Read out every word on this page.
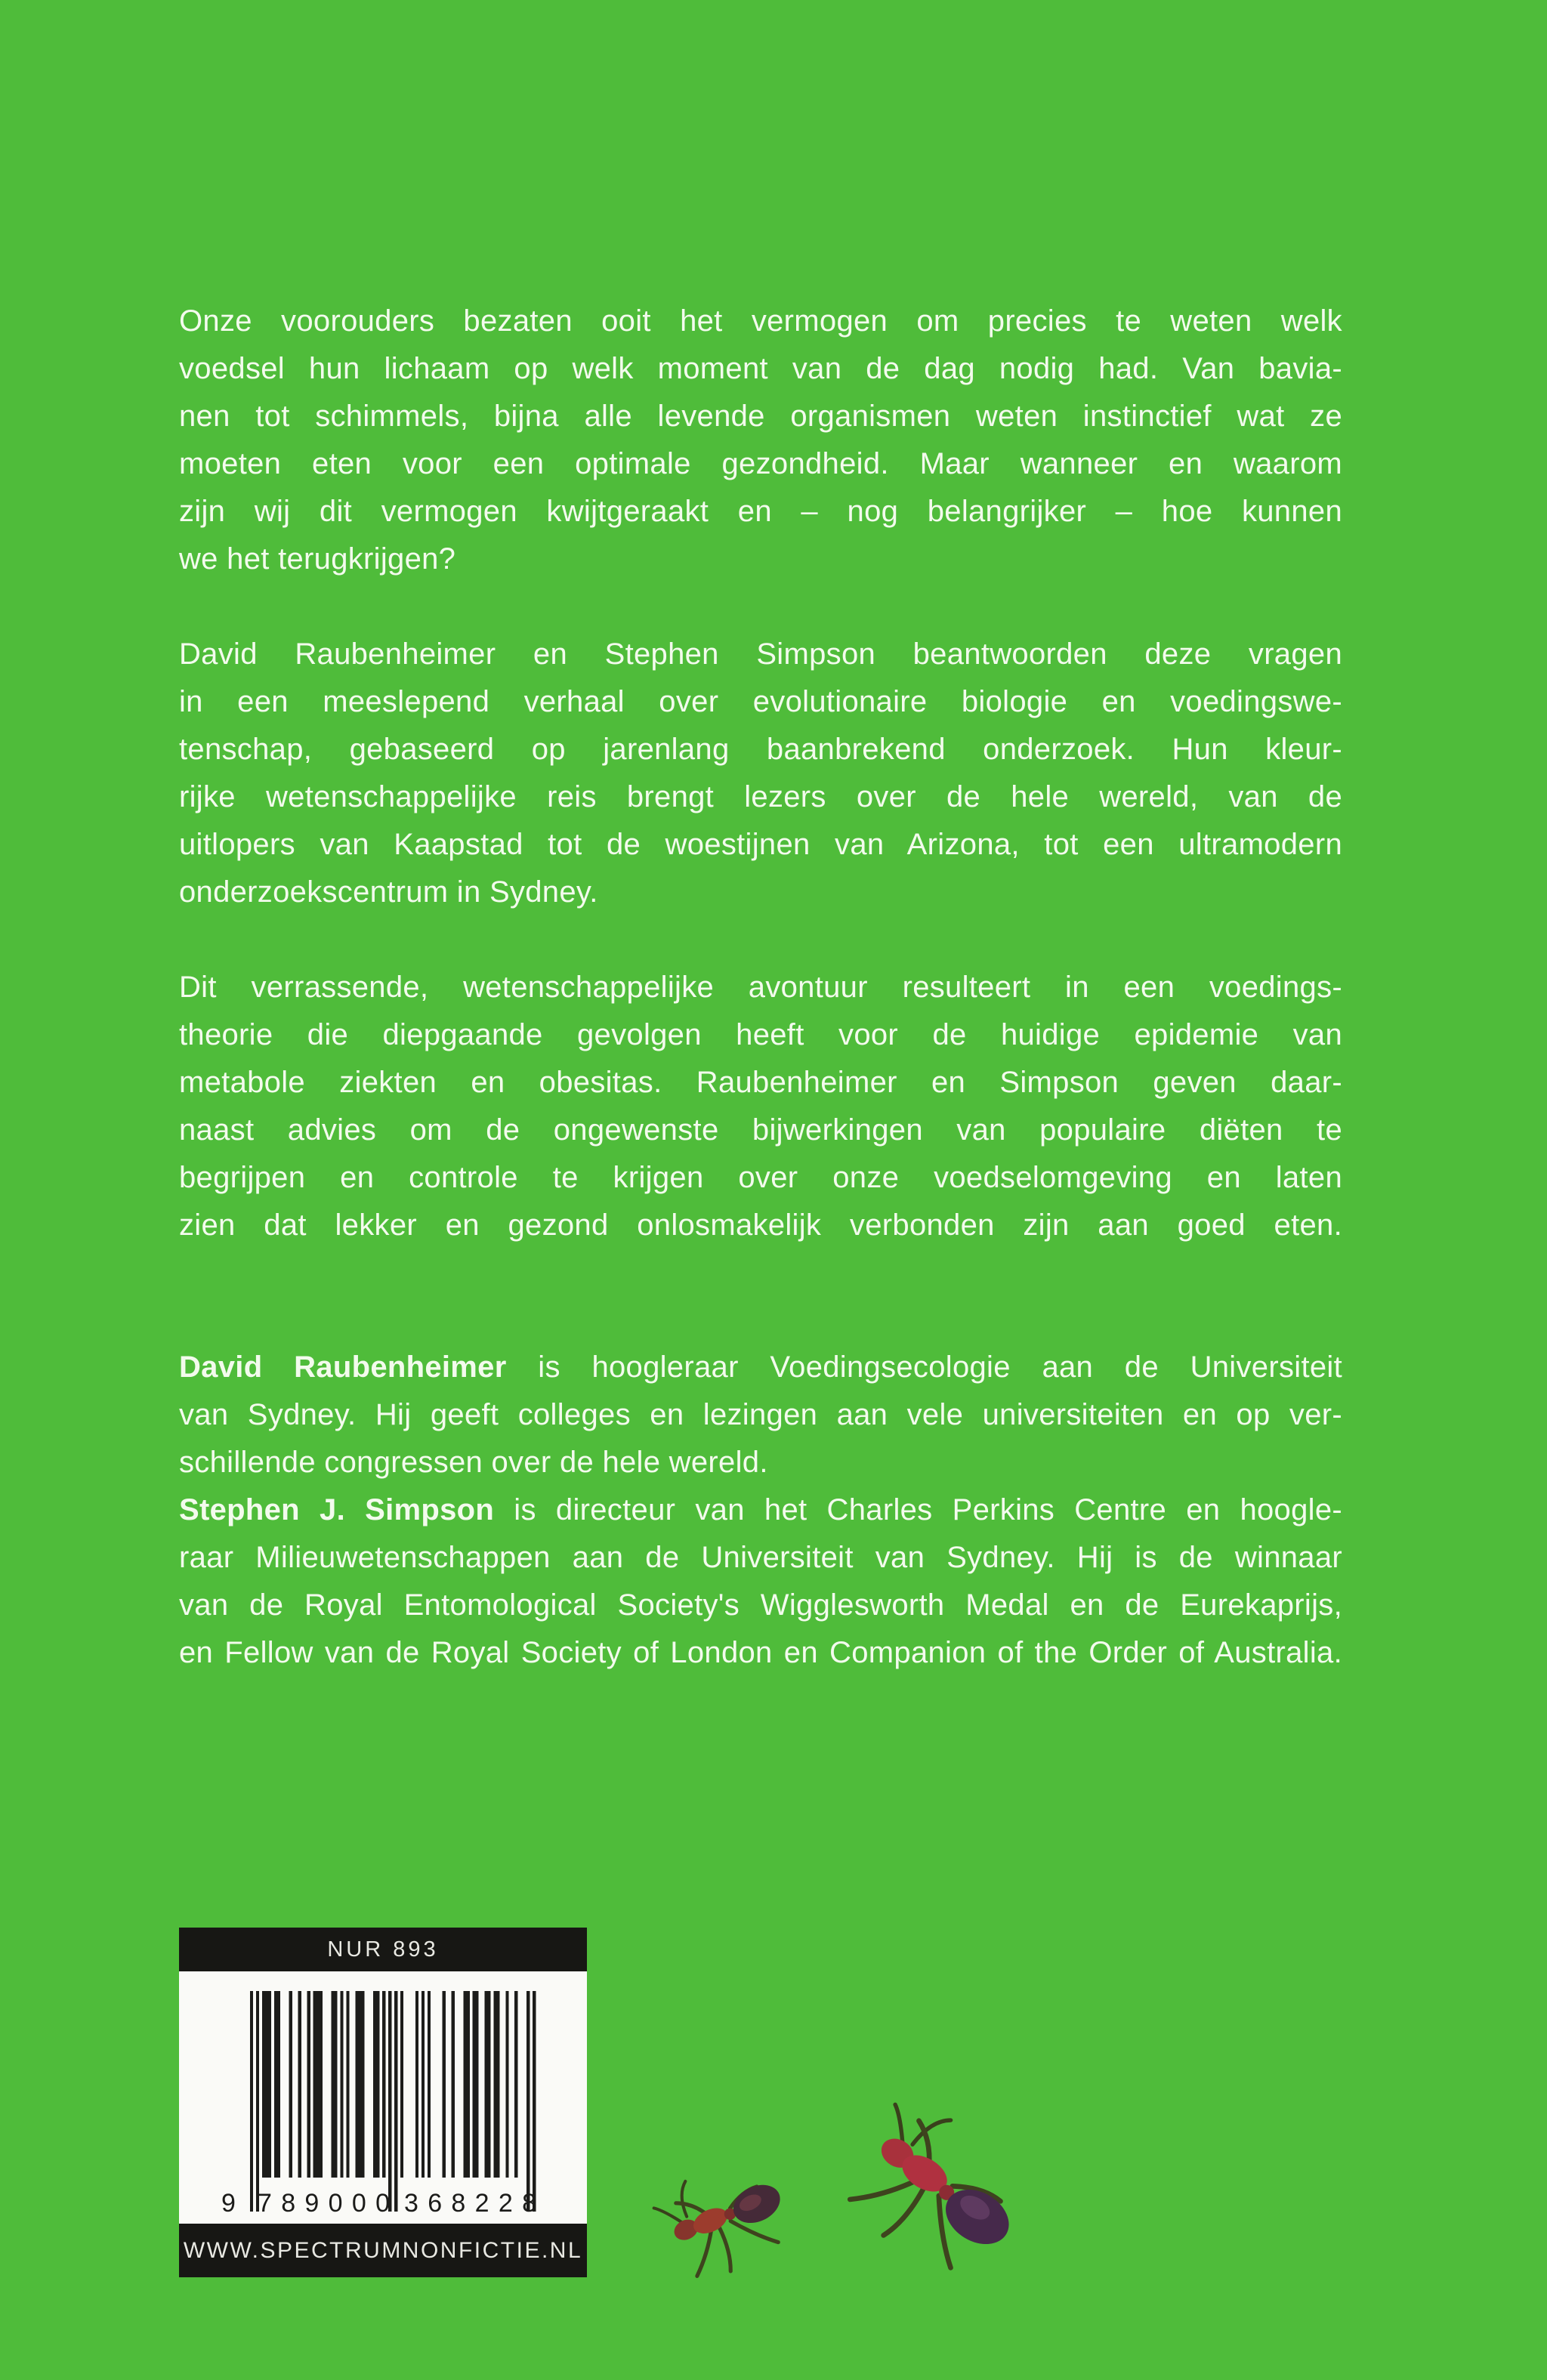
Onze voorouders bezaten ooit het vermogen om precies te weten welk
voedsel hun lichaam op welk moment van de dag nodig had. Van bavia-
nen tot schimmels, bijna alle levende organismen weten instinctief wat ze
moeten eten voor een optimale gezondheid. Maar wanneer en waarom
zijn wij dit vermogen kwijtgeraakt en – nog belangrijker – hoe kunnen
we het terugkrijgen?

David Raubenheimer en Stephen Simpson beantwoorden deze vragen
in een meeslepend verhaal over evolutionaire biologie en voedingswe-
tenschap, gebaseerd op jarenlang baanbrekend onderzoek. Hun kleur-
rijke wetenschappelijke reis brengt lezers over de hele wereld, van de
uitlopers van Kaapstad tot de woestijnen van Arizona, tot een ultramodern
onderzoekscentrum in Sydney.

Dit verrassende, wetenschappelijke avontuur resulteert in een voedings-
theorie die diepgaande gevolgen heeft voor de huidige epidemie van
metabole ziekten en obesitas. Raubenheimer en Simpson geven daar-
naast advies om de ongewenste bijwerkingen van populaire diëten te
begrijpen en controle te krijgen over onze voedselomgeving en laten
zien dat lekker en gezond onlosmakelijk verbonden zijn aan goed eten.

David Raubenheimer is hoogleraar Voedingsecologie aan de Universiteit
van Sydney. Hij geeft colleges en lezingen aan vele universiteiten en op ver-
schillende congressen over de hele wereld.
Stephen J. Simpson is directeur van het Charles Perkins Centre en hoogle-
raar Milieuwetenschappen aan de Universiteit van Sydney. Hij is de winnaar
van de Royal Entomological Society's Wigglesworth Medal en de Eurekaprijs,
en Fellow van de Royal Society of London en Companion of the Order of Australia.
NUR 893
9 789000 368228
WWW.SPECTRUMNONFICTIE.NL
